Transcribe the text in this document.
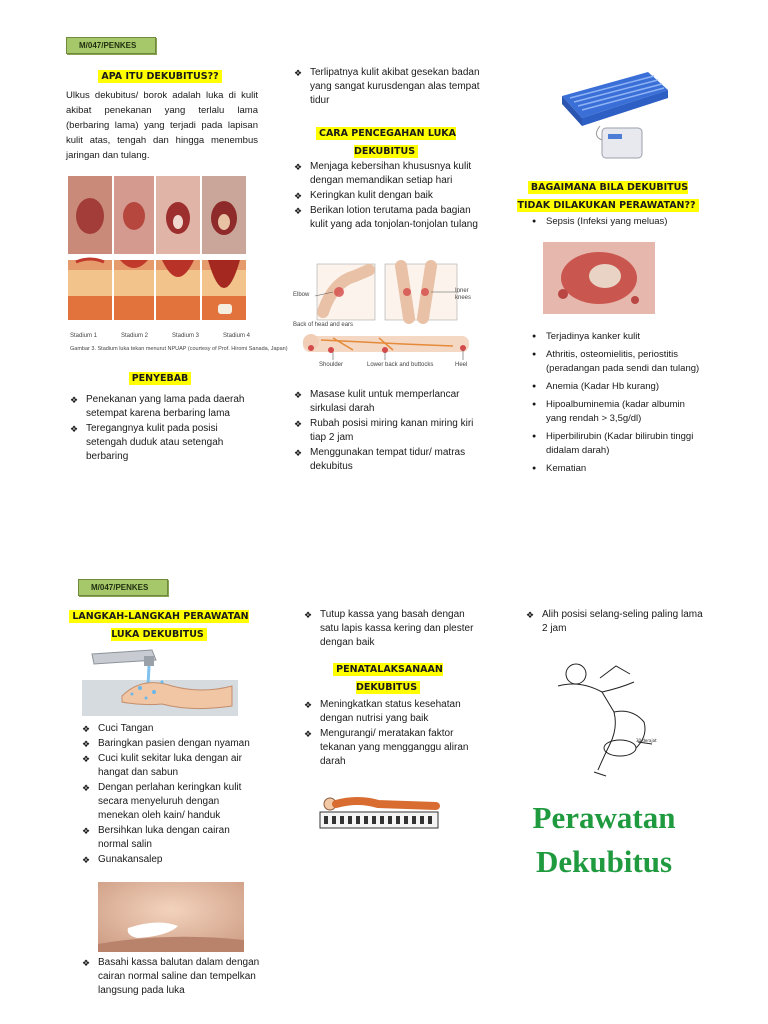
M/047/PENKES
APA ITU DEKUBITUS??
Ulkus dekubitus/ borok adalah luka di kulit akibat penekanan yang terlalu lama (berbaring lama) yang terjadi pada lapisan kulit atas, tengah dan hingga menembus jaringan dan tulang.
Stadium 1	Stadium 2	Stadium 3	Stadium 4
Gambar 3. Stadium luka tekan menurut NPUAP (courtesy of Prof. Hiromi Sanada, Japan)
PENYEBAB
❖ Penekanan yang lama pada daerah setempat karena berbaring lama
❖ Teregangnya kulit pada posisi setengah duduk atau setengah berbaring
❖ Terlipatnya kulit akibat gesekan badan yang sangat kurusdengan alas tempat tidur
CARA PENCEGAHAN LUKA DEKUBITUS
❖ Menjaga kebersihan khususnya kulit dengan memandikan setiap hari
❖ Keringkan kulit dengan baik
❖ Berikan lotion terutama pada bagian kulit yang ada tonjolan-tonjolan tulang
Elbow
Inner knees
Back of head and ears
Shoulder	Lower back and buttocks	Heel
❖ Masase kulit untuk memperlancar sirkulasi darah
❖ Rubah posisi miring kanan miring kiri tiap 2 jam
❖ Menggunakan tempat tidur/ matras dekubitus
BAGAIMANA BILA DEKUBITUS TIDAK DILAKUKAN PERAWATAN??
● Sepsis (Infeksi yang meluas)
● Terjadinya kanker kulit
● Athritis, osteomielitis, periostitis (peradangan pada sendi dan tulang)
● Anemia (Kadar Hb kurang)
● Hipoalbuminemia (kadar albumin yang rendah > 3,5g/dl)
● Hiperbilirubin (Kadar bilirubin tinggi didalam darah)
● Kematian
M/047/PENKES
LANGKAH-LANGKAH PERAWATAN LUKA DEKUBITUS
❖ Cuci Tangan
❖ Baringkan pasien dengan nyaman
❖ Cuci kulit sekitar luka dengan air hangat dan sabun
❖ Dengan perlahan keringkan kulit secara menyeluruh dengan menekan oleh kain/ handuk
❖ Bersihkan luka dengan cairan normal salin
❖ Gunakansalep
❖ Basahi kassa balutan dalam dengan cairan normal saline dan tempelkan langsung pada luka
❖ Tutup kassa yang basah dengan satu lapis kassa kering dan plester dengan baik
PENATALAKSANAAN DEKUBITUS
❖ Meningkatkan status kesehatan dengan nutrisi yang baik
❖ Mengurangi/ meratakan faktor tekanan yang mengganggu aliran darah
❖ Alih posisi selang-seling paling lama 2 jam
30 derajat
Perawatan
Dekubitus
